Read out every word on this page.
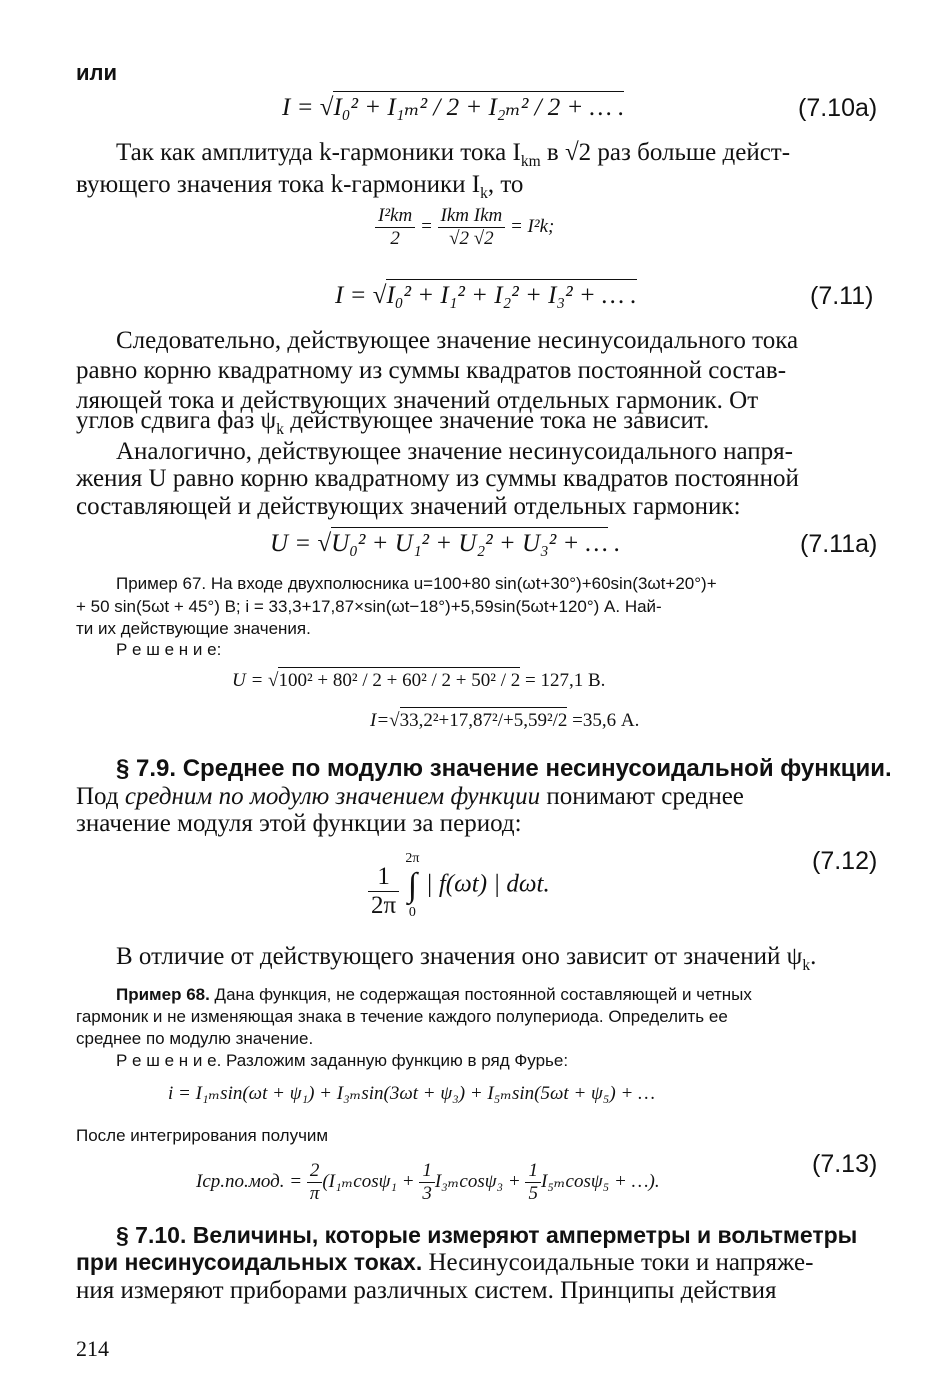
или
I = √I₀² + I₁ₘ² / 2 + I₂ₘ² / 2 + … .	(7.10а)
Так как амплитуда k-гармоники тока $I_{km}$ в √2 раз больше дейст-
вующего значения тока k-гармоники $I_k$, то
$\frac{\text{I²km}}{2} = \frac{\text{Ikm Ikm}}{√2 √2} = I^2k$;
I = √I₀² + I₁² + I₂² + I₃² + … .	(7.11)
Следовательно, действующее значение несинусоидального тока
равно корню квадратному из суммы квадратов постоянной состав-
ляющей тока и действующих значений отдельных гармоник. От
углов сдвига фаз $\psi_k$ действующее значение тока не зависит.
Аналогично, действующее значение несинусоидального напря-
жения U равно корню квадратному из суммы квадратов постоянной
составляющей и действующих значений отдельных гармоник:
U = √U₀² + U₁² + U₂² + U₃² + … .	(7.11а)
Пример 67. На входе двухполюсника u=100+80 sin(ωt+30°)+60sin(3ωt+20°)+
+ 50 sin(5ωt + 45°) В; i = 33,3+17,87×sin(ωt−18°)+5,59sin(5ωt+120°) А. Най-
ти их действующие значения.
Р е ш е н и е:
U = √100² + 80² / 2 + 60² / 2 + 50² / 2 = 127,1 В.
I=√33,2²+17,87²/+5,59²/2 =35,6 А.
§ 7.9. Среднее по модулю значение несинусоидальной функции.
Под средним по модулю значением функции понимают среднее
значение модуля этой функции за период:
$\frac{1}{2\pi}$

2π
∫
0
| f(ωt) | dωt.
(7.12)
В отличие от действующего значения оно зависит от значений $\psi_k$.
Пример 68. Дана функция, не содержащая постоянной составляющей и четных
гармоник и не изменяющая знака в течение каждого полупериода. Определить ее
среднее по модулю значение.
Р е ш е н и е. Разложим заданную функцию в ряд Фурье:
i = I₁ₘsin(ωt + ψ₁) + I₃ₘsin(3ωt + ψ₃) + I₅ₘsin(5ωt + ψ₅) + …
После интегрирования получим
Iср.по.мод. = $\frac{2}{\pi} (I_{1m}\cos\psi_1 + \frac{1}{3} I_{3m}\cos\psi_3 + \frac{1}{5} I_{5m}\cos\psi_5$ + …).
(7.13)
§ 7.10. Величины, которые измеряют амперметры и вольтметры
при несинусоидальных токах. Несинусоидальные токи и напряже-
ния измеряют приборами различных систем. Принципы действия
214
